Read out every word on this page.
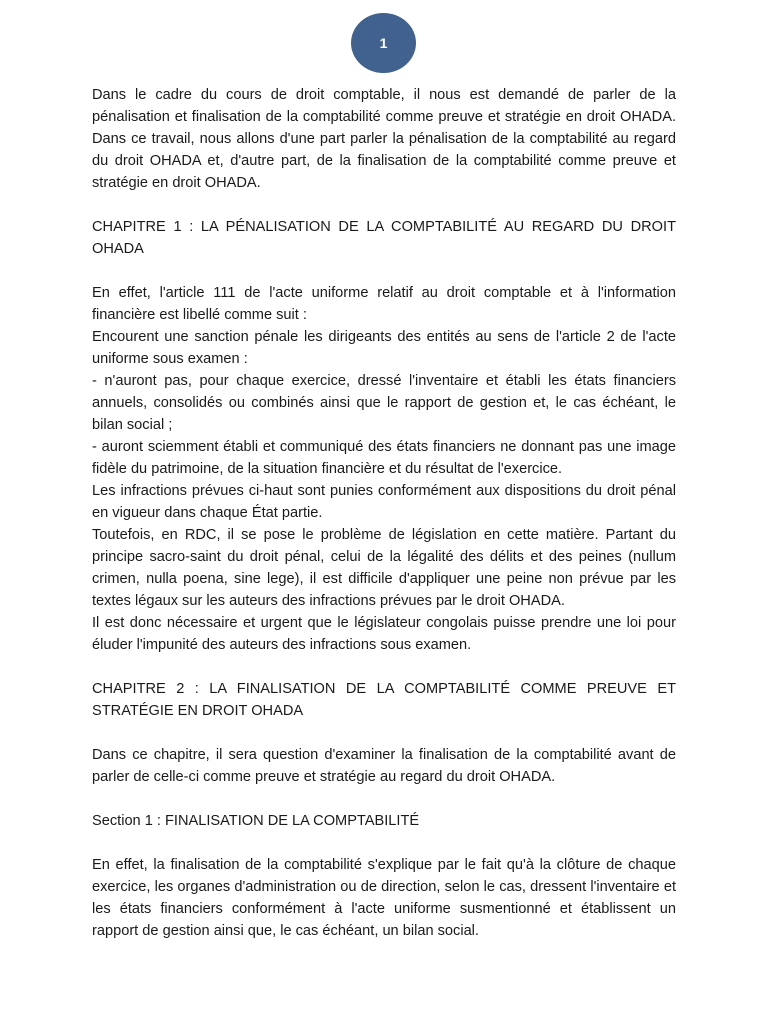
1

Dans le cadre du cours de droit comptable, il nous est demandé de parler de la pénalisation et finalisation de la comptabilité comme preuve et stratégie en droit OHADA. Dans ce travail, nous allons d'une part parler la pénalisation de la comptabilité au regard du droit OHADA et, d'autre part, de la finalisation de la comptabilité comme preuve et stratégie en droit OHADA.

CHAPITRE 1 : LA PÉNALISATION DE LA COMPTABILITÉ AU REGARD DU DROIT OHADA

En effet, l'article 111 de l'acte uniforme relatif au droit comptable et à l'information financière est libellé comme suit :

Encourent une sanction pénale les dirigeants des entités au sens de l'article 2 de l'acte uniforme sous examen :

- n'auront pas, pour chaque exercice, dressé l'inventaire et établi les états financiers annuels, consolidés ou combinés ainsi que le rapport de gestion et, le cas échéant, le bilan social ;

- auront sciemment établi et communiqué des états financiers ne donnant pas une image fidèle du patrimoine, de la situation financière et du résultat de l'exercice.

Les infractions prévues ci-haut sont punies conformément aux dispositions du droit pénal en vigueur dans chaque État partie.

Toutefois, en RDC, il se pose le problème de législation en cette matière. Partant du principe sacro-saint du droit pénal, celui de la légalité des délits et des peines (nullum crimen, nulla poena, sine lege), il est difficile d'appliquer une peine non prévue par les textes légaux sur les auteurs des infractions prévues par le droit OHADA.

Il est donc nécessaire et urgent que le législateur congolais puisse prendre une loi pour éluder l'impunité des auteurs des infractions sous examen.

CHAPITRE 2 : LA FINALISATION DE LA COMPTABILITÉ COMME PREUVE ET STRATÉGIE EN DROIT OHADA

Dans ce chapitre, il sera question d'examiner la finalisation de la comptabilité avant de parler de celle-ci comme preuve et stratégie au regard du droit OHADA.

Section 1 : FINALISATION DE LA COMPTABILITÉ

En effet, la finalisation de la comptabilité s'explique par le fait qu'à la clôture de chaque exercice, les organes d'administration ou de direction, selon le cas, dressent l'inventaire et les états financiers conformément à l'acte uniforme susmentionné et établissent un rapport de gestion ainsi que, le cas échéant, un bilan social.
